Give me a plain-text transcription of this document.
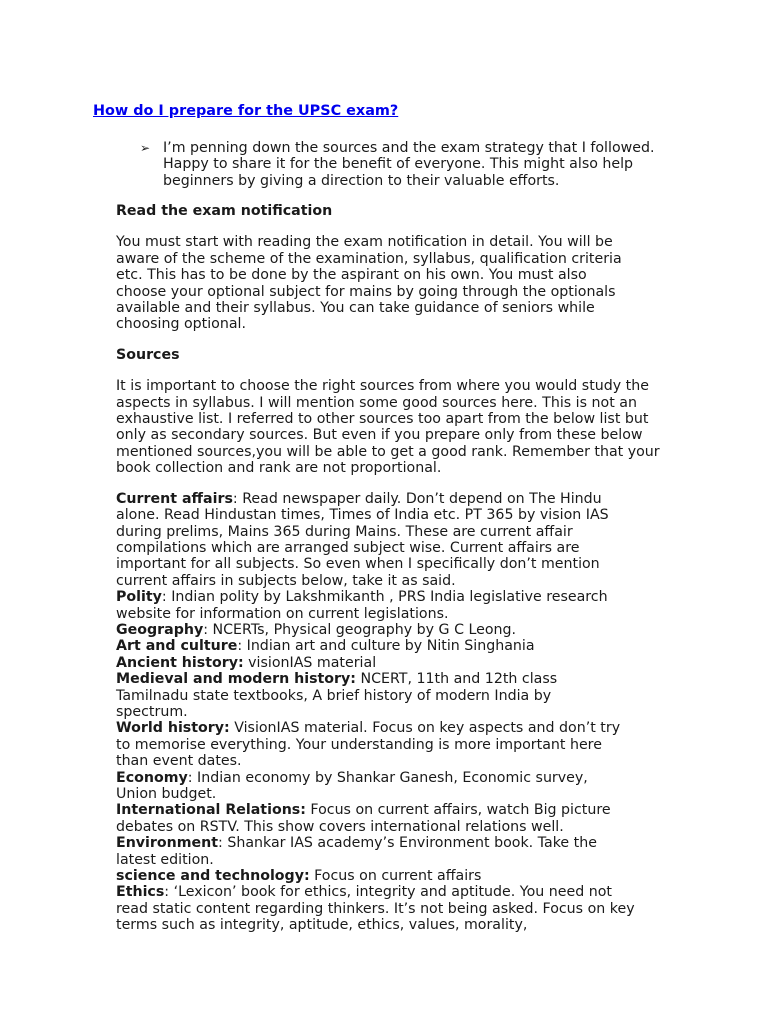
How do I prepare for the UPSC exam?
➢ I’m penning down the sources and the exam strategy that I followed. Happy to share it for the benefit of everyone. This might also help beginners by giving a direction to their valuable efforts.

Read the exam notification

You must start with reading the exam notification in detail. You will be aware of the scheme of the examination, syllabus, qualification criteria etc. This has to be done by the aspirant on his own. You must also choose your optional subject for mains by going through the optionals available and their syllabus. You can take guidance of seniors while choosing optional.

Sources

It is important to choose the right sources from where you would study the aspects in syllabus. I will mention some good sources here. This is not an exhaustive list. I referred to other sources too apart from the below list but only as secondary sources. But even if you prepare only from these below mentioned sources,you will be able to get a good rank. Remember that your book collection and rank are not proportional.

Current affairs: Read newspaper daily. Don’t depend on The Hindu alone. Read Hindustan times, Times of India etc. PT 365 by vision IAS during prelims, Mains 365 during Mains. These are current affair compilations which are arranged subject wise. Current affairs are important for all subjects. So even when I specifically don’t mention current affairs in subjects below, take it as said.

Polity: Indian polity by Lakshmikanth , PRS India legislative research website for information on current legislations.

Geography: NCERTs, Physical geography by G C Leong.

Art and culture: Indian art and culture by Nitin Singhania

Ancient history: visionIAS material

Medieval and modern history: NCERT, 11th and 12th class Tamilnadu state textbooks, A brief history of modern India by spectrum.

World history: VisionIAS material. Focus on key aspects and don’t try to memorise everything. Your understanding is more important here than event dates.

Economy: Indian economy by Shankar Ganesh, Economic survey, Union budget.

International Relations: Focus on current affairs, watch Big picture debates on RSTV. This show covers international relations well.

Environment: Shankar IAS academy’s Environment book. Take the latest edition.

science and technology: Focus on current affairs

Ethics: ‘Lexicon’ book for ethics, integrity and aptitude. You need not read static content regarding thinkers. It’s not being asked. Focus on key terms such as integrity, aptitude, ethics, values, morality,
